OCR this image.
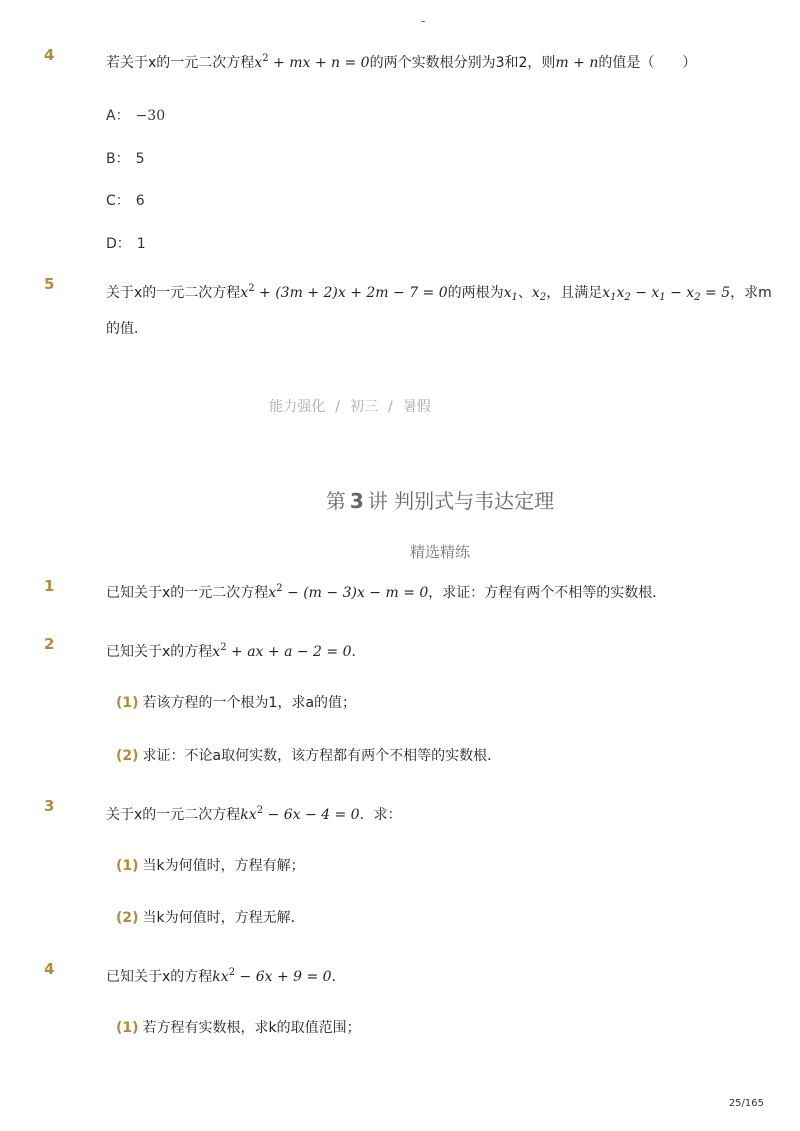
-
4	若关于x的一元二次方程$x^2$ + mx + n = 0的两个实数根分别为3和2，则m + n的值是（　　）
A： −30
B： 5
C： 6
D： 1
5	关于x的一元二次方程$x^2 + (3m + 2)x + 2m - 7 = 0$的两根为$x_1$、$x_2$，且满足$x_1x_2 - x_1 - x_2 = 5$，求m
的值．
能力强化 / 初三 / 暑假
第 3 讲 判别式与韦达定理
精选精练
1	已知关于x的一元二次方程$x^2 - (m - 3)x - m = 0$，求证：方程有两个不相等的实数根．
2	已知关于x的方程$x^2$ + ax + a − 2 = 0．
(1) 若该方程的一个根为1，求a的值；
(2) 求证：不论a取何实数，该方程都有两个不相等的实数根．
3	关于x的一元二次方程$kx^2 - 6x - 4 = 0$．求：
(1) 当k为何值时，方程有解；
(2) 当k为何值时，方程无解．
4	已知关于x的方程$kx^2 - 6x + 9 = 0$．
(1) 若方程有实数根，求k的取值范围；
25/165
